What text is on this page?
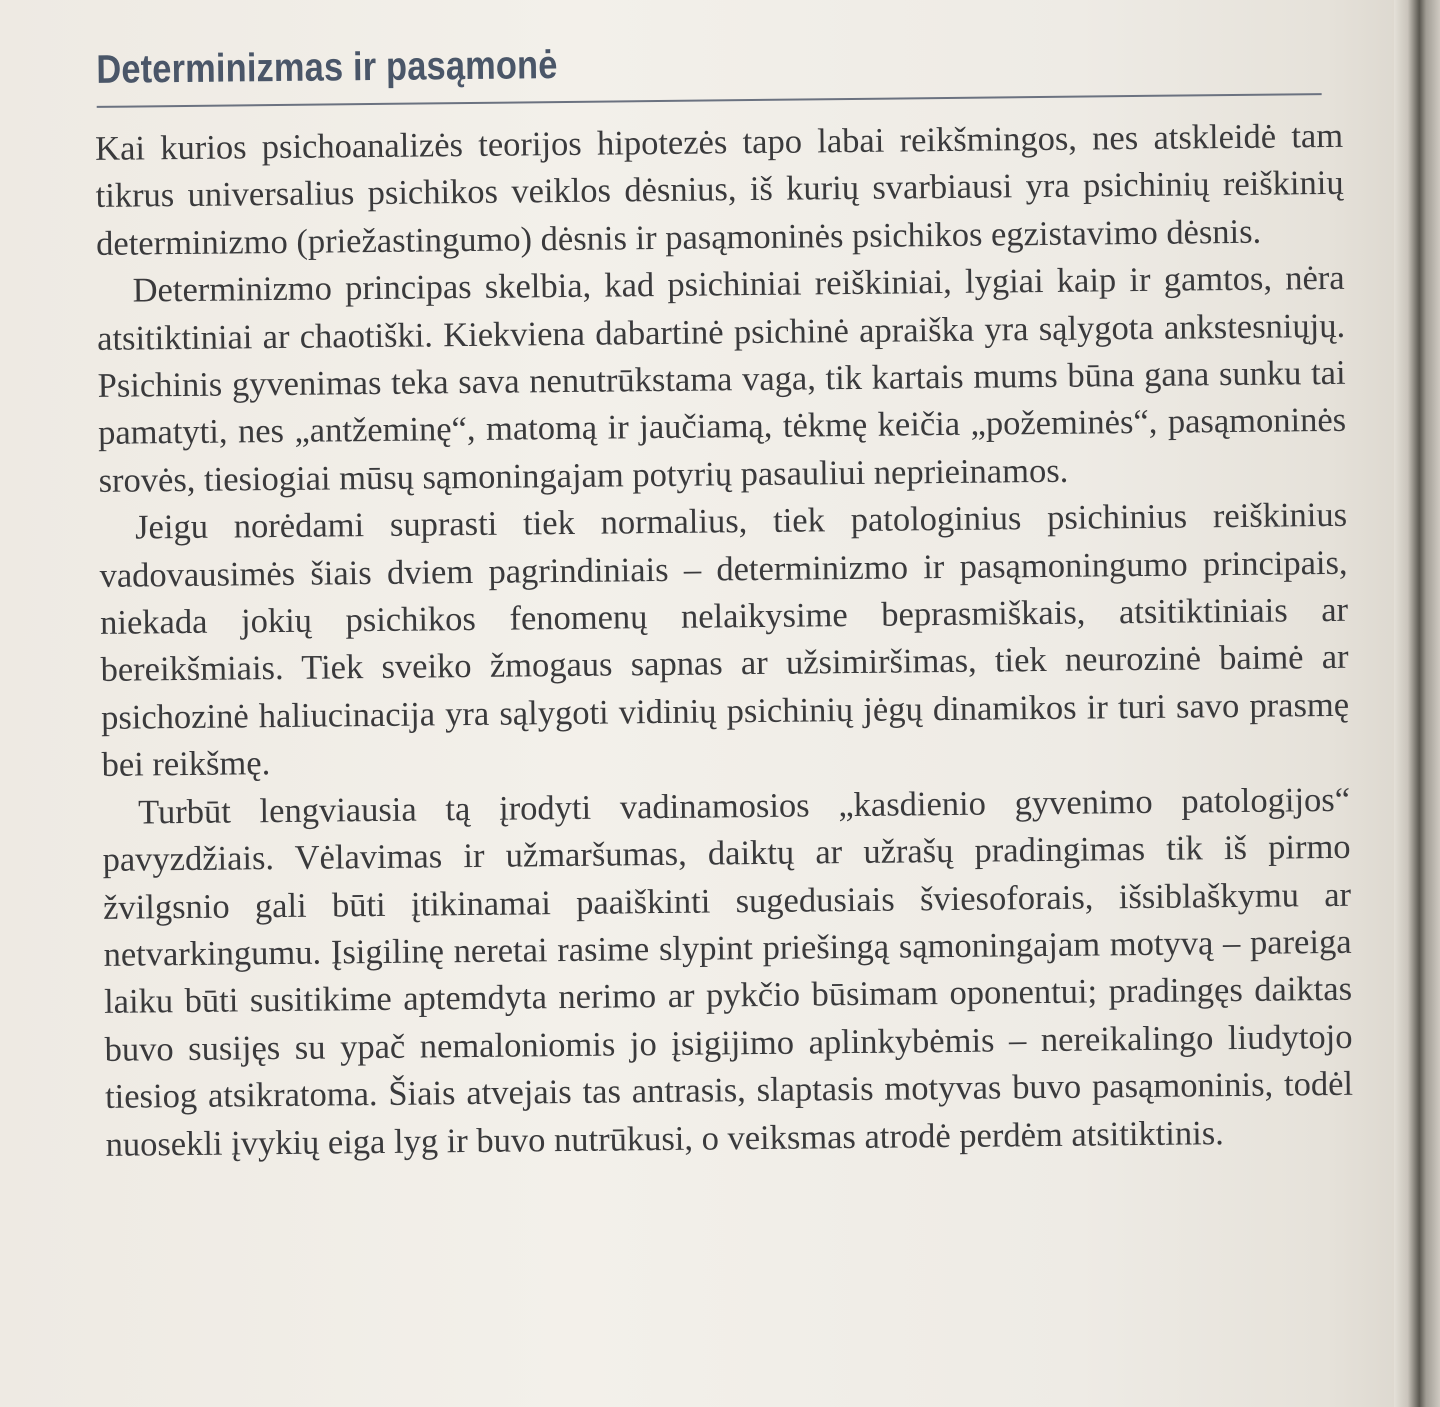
Determinizmas ir pasąmonė

Kai kurios psichoanalizės teorijos hipotezės tapo labai reikšmingos, nes atskleidė tam tikrus universalius psichikos veiklos dėsnius, iš kurių svarbiausi yra psichinių reiškinių determinizmo (priežastingumo) dėsnis ir pasąmoninės psichikos egzistavimo dėsnis.

Determinizmo principas skelbia, kad psichiniai reiškiniai, lygiai kaip ir gamtos, nėra atsitiktiniai ar chaotiški. Kiekviena dabartinė psichinė apraiška yra sąlygota ankstesniųjų. Psichinis gyvenimas teka sava nenutrūkstama vaga, tik kartais mums būna gana sunku tai pamatyti, nes „antžeminę“, matomą ir jaučiamą, tėkmę keičia „požeminės“, pasąmoninės srovės, tiesiogiai mūsų sąmoningajam potyrių pasauliui neprieinamos.

Jeigu norėdami suprasti tiek normalius, tiek patologinius psichinius reiškinius vadovausimės šiais dviem pagrindiniais – determinizmo ir pasąmoningumo principais, niekada jokių psichikos fenomenų nelaikysime beprasmiškais, atsitiktiniais ar bereikšmiais. Tiek sveiko žmogaus sapnas ar užsimiršimas, tiek neurozinė baimė ar psichozinė haliucinacija yra sąlygoti vidinių psichinių jėgų dinamikos ir turi savo prasmę bei reikšmę.

Turbūt lengviausia tą įrodyti vadinamosios „kasdienio gyvenimo patologijos“ pavyzdžiais. Vėlavimas ir užmaršumas, daiktų ar užrašų pradingimas tik iš pirmo žvilgsnio gali būti įtikinamai paaiškinti sugedusiais šviesoforais, išsiblaškymu ar netvarkingumu. Įsigilinę neretai rasime slypint priešingą sąmoningajam motyvą – pareiga laiku būti susitikime aptemdyta nerimo ar pykčio būsimam oponentui; pradingęs daiktas buvo susijęs su ypač nemaloniomis jo įsigijimo aplinkybėmis – nereikalingo liudytojo tiesiog atsikratoma. Šiais atvejais tas antrasis, slaptasis motyvas buvo pasąmoninis, todėl nuosekli įvykių eiga lyg ir buvo nutrūkusi, o veiksmas atrodė perdėm atsitiktinis.
